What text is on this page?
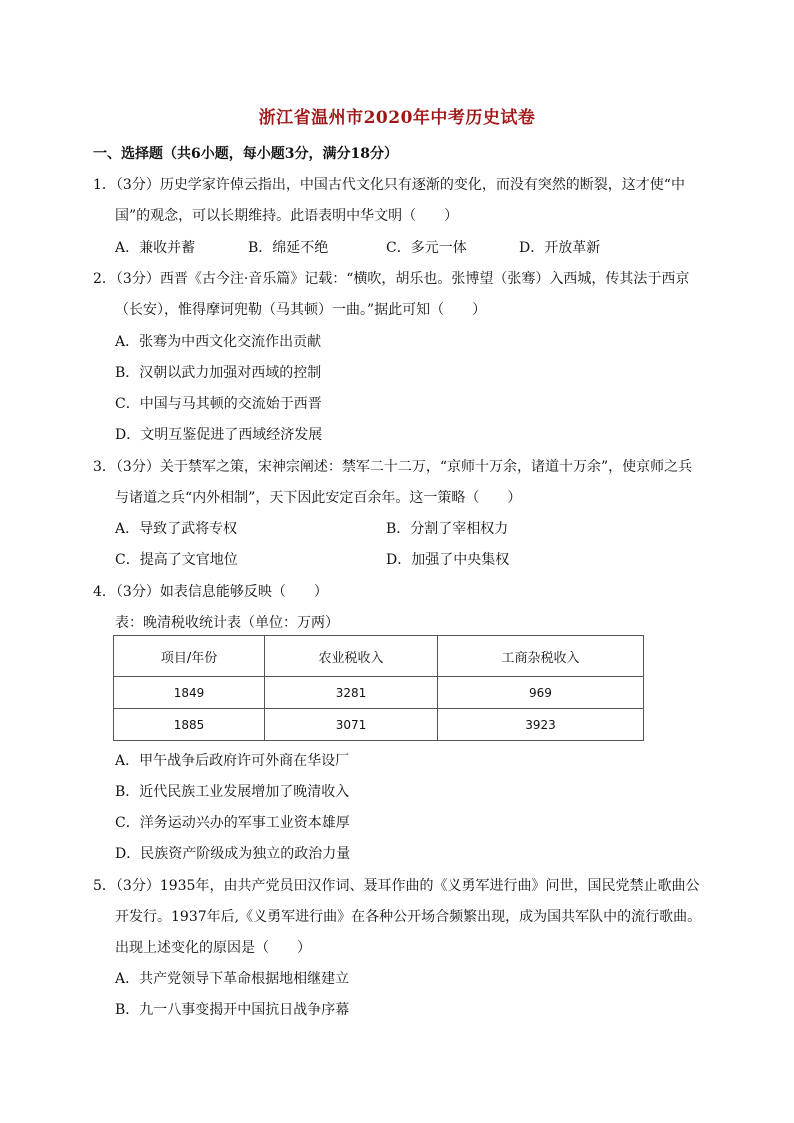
浙江省温州市2020年中考历史试卷
一、选择题（共6小题，每小题3分，满分18分）
1．（3分）历史学家许倬云指出，中国古代文化只有逐渐的变化，而没有突然的断裂，这才使“中
国”的观念，可以长期维持。此语表明中华文明（　　）
A．兼收并蓄	B．绵延不绝	C．多元一体	D．开放革新
2．（3分）西晋《古今注·音乐篇》记载：“横吹，胡乐也。张博望（张骞）入西城，传其法于西京
（长安），惟得摩诃兜勒（马其顿）一曲。”据此可知（　　）
A．张骞为中西文化交流作出贡献
B．汉朝以武力加强对西域的控制
C．中国与马其顿的交流始于西晋
D．文明互鉴促进了西域经济发展
3．（3分）关于禁军之策，宋神宗阐述：禁军二十二万，“京师十万余，诸道十万余”，使京师之兵
与诸道之兵“内外相制”，天下因此安定百余年。这一策略（　　）
A．导致了武将专权	B．分割了宰相权力
C．提高了文官地位	D．加强了中央集权
4．（3分）如表信息能够反映（　　）
表：晚清税收统计表（单位：万两）
项目/年份	农业税收入	工商杂税收入
1849	3281	969
1885	3071	3923
A．甲午战争后政府许可外商在华设厂
B．近代民族工业发展增加了晚清收入
C．洋务运动兴办的军事工业资本雄厚
D．民族资产阶级成为独立的政治力量
5．（3分）1935年，由共产党员田汉作词、聂耳作曲的《义勇军进行曲》问世，国民党禁止歌曲公
开发行。1937年后,《义勇军进行曲》在各种公开场合频繁出现，成为国共军队中的流行歌曲。
出现上述变化的原因是（　　）
A．共产党领导下革命根据地相继建立
B．九一八事变揭开中国抗日战争序幕
